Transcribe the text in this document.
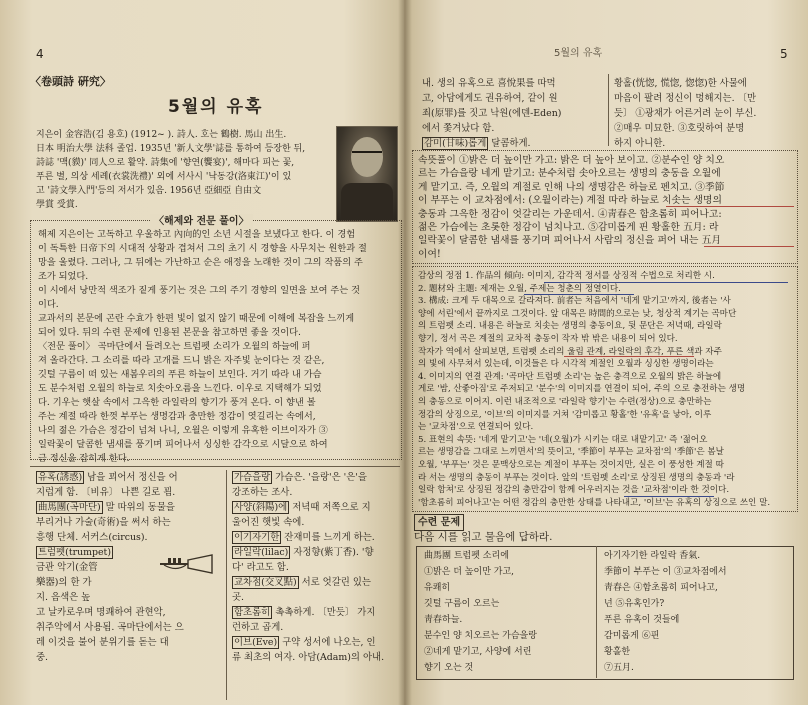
4
〈卷頭詩 硏究〉
5월의 유혹
지은이 金容浩(김 용호) (1912~ ). 詩人. 호는 鶴樹. 馬山 出生.
日本 明治大學 法科 졸업. 1935년 '新人文學'誌를 통하여 등장한 뒤,
詩誌 '맥(貘)' 同人으로 활약. 詩集에 '향연(饗宴)', 해마다 피는 꽃,
푸른 별, 의상 세례(衣裳洗禮)' 외에 서사시 '낙동강(洛東江)'이 있
고 '詩文學入門'등의 저서가 있음. 1956년 亞細亞 自由文
學賞 受賞.
〈해제와 전문 풀이〉
해제 지은이는 고독하고 우울하고 內向的인 소년 시절을 보냈다고 한다. 이 경험
이 독특한 日帝下의 시대적 상황과 겹쳐서 그의 초기 시 경향을 사무치는 원한과 절
망을 울렸다. 그러나, 그 뒤에는 가난하고 순은 애정을 노래한 것이 그의 작품의 주
조가 되었다.
이 시에서 낭만적 색조가 짙게 풍기는 것은 그의 주기 경향의 일면을 보여 주는 것
이다.
교과서의 본문에 곤란 수효가 한편 빛이 없지 않기 때문에 이해에 복잡을 느끼게
되어 있다. 뒤의 수련 문제에 인용된 본문을 참고하면 좋을 것이다.
〈전문 풀이〉 곡마단에서 들려오는 트럼펫 소리가 오월의 하늘에 퍼
져 올라간다. 그 소리를 따라 고개를 드니 밝은 자주빛 눈이다는 것 같은,
깃털 구름이 떠 있는 새봄우리의 푸른 하늘이 보인다. 거기 따라 내 가슴
도 분수처럼 오월의 하늘로 치솟아오름을 느낀다. 이우로 지택해가 되었
다. 기우는 햇살 속에서 그윽한 라일락의 향기가 풍겨 온다. 이 향낸 볼
주는 계절 따라 한껏 부푸는 생명감과 충만한 정감이 엿길리는 속에서,
나의 젊은 가슴은 정감이 넘쳐 나니, 오월은 이렇게 유혹한 이브이자가 ③
일락꽃이 달콤한 냄새를 풍기며 피어나서 싱싱한 감각으로 시달으로 하여
금 정신을 잡히게 한다.
유혹(誘惑) 남을 꾀어서 정신을 어
지럽게 함. 〔비유〕 나쁜 길로 꾐.
曲馬團(곡마단) 말 따위의 동물을
부리거나 가술(奇術)을 써서 하는
흥행 단체. 서커스(circus).
트럼펫(trumpet)
금관 악기(金管
樂器)의 한 가
지. 음색은 높
고 날카로우며 명쾌하여 관현악,
취주악에서 사용됨. 곡마단에서는 으
레 이것을 불어 분위기를 돋는 대
중.
가슴을랑 가슴은. '을랑'은 '은'을
강조하는 조사.
사양(斜陽)에 저녁때 저쪽으로 지
울어진 햇빛 속에.
이기자기한 잔재미를 느끼게 하는.
라일락(lilac) 자정향(紫丁香). '향
다' 라고도 함.
교차점(交叉點) 서로 엇갈린 있는
곳.
함초롬히 촉촉하게. 〔만듯〕 가지
런하고 곱게.
이브(Eve) 구약 성서에 나오는, 인
류 최초의 여자. 아담(Adam)의 아내.
5월의 유혹	5
내. 생의 유혹으로 喜悅果를 따먹
고, 아담에게도 권유하여, 같이 원
죄(原罪)를 짓고 낙원(에덴-Eden)
에서 쫓겨났다 함.
감미(甘味)롭게 달콤하게.
황홀(恍惚, 慌惚, 惚惚)한 사물에
마음이 팔려 정신이 멍해지는. 〔만
듯〕 ①광채가 어른거려 눈이 부신.
②매우 미묘한. ③호릿하여 분명
하지 아니한.
속뜻풀이 ①밝은 더 높이만 가고: 밝은 더 높아 보이고. ②분수인 양 치오
르는 가슴을랑 네게 맡기고: 분수처럼 솟아오르는 생명의 충동을 오월에
게 맡기고. 즉, 오월의 계절로 인해 나의 생명감은 하늘로 펜치고. ③季節
이 부푸는 이 교차점에서: (오월이라는) 계절 따라 하늘로 치솟는 생명의
충동과 그윽한 정감이 엇갈리는 가운데서. ④靑春은 함초롬히 피어나고:
젊은 가슴에는 초롯한 정감이 넘치나고. ⑤감미롭게 핀 황홀한 五月: 라
일락꽃이 달콤한 냄새를 풍기며 피어나서 사람의 정신을 퍼어 내는 五月
이여!
감상의 정점 1. 作品의 傾向: 이미지, 감각적 정서를 상징적 수법으로 처리한 시.
2. 題材와 主題: 제재는 오월, 주제는 청춘의 정열이다.
3. 構成: 크게 두 대목으로 갈라져다. 前者는 처음에서 '네게 맡기고'까지, 後者는 '사
양에 서린'에서 끝까지로 그것이다. 앞 대목은 時間的으로는 낮, 청상적 계기는 곡마단
의 트럼펫 소리. 내용은 하늘로 치솟는 생명의 충동이요, 뒷 문단은 저녁때, 라일락
향기, 정서 곡은 계절의 교차적 충동이 작자 밖 밖은 내용이 되어 있다.
작자가 역에서 살피보면, 트럼펫 소리의 울림 관계, 라일락의 후각, 푸른 색과 자주
의 빛에 사무쳐서 있는데, 이것들은 다 시각적 계절인 오월과 싱싱한 생명이라는
4. 이미지의 연결 관계: '곡마단 트럼펫 소리'는 높은 충격으로 오월의 밝은 하늘에
게로 '밤, 산좋아짐'로 주저되고 '분수'의 이미지를 연결이 되어, 주의 으로 충전하는 생명
의 충동으로 이어지. 이런 내조적으로 '라일락 향기'는 수련(정상)으로 충만하는
정감의 상징으로, '이브'의 이미지를 거쳐 '감미롭고 황홀'한 '유혹'을 낳아, 이루
는 '교차점'으로 연결되어 있다.
5. 표현의 속뜻: '네게 맡기고'는 '네(오월)가 시키는 대로 내맡기고' 즉 '젊어오
르는 생명감을 그대로 느끼면서'의 뜻이고, '季節이 부푸는 교차점'의 '季節'은 봄날
오월, '부푸는' 것은 문맥상으로는 계절이 부푸는 것이지만, 실은 이 풍성한 계절 따
라 서는 생명의 충동이 부푸는 것이다. 앞의 '트럼펫 소리'로 상징된 생명의 충동과 '라
일락 함쳐'로 상징된 정감의 충만감이 함께 어우러지는 것을 '교차점'이라 한 것이다.
'함초롬히 피어나고'는 어떤 정감의 충만한 상태를 나타내고, '이브'는 유혹의 상징으로 쓰인 말.
수련 문제
다음 시를 읽고 물음에 답하라.
曲馬團 트럼펫 소리에
①밝은 더 높이만 가고,
유쾌히
깃털 구름이 오르는
靑春하늘.
분수인 양 치오르는 가슴을랑
②네게 맡기고, 사양에 서린
향기 오는 것
아기자기한 라일락 香氣.
季節이 부푸는 이 ③교차점에서
靑春은 ④함초롬히 피어나고,
넌 ⑤유혹인가?
푸른 유혹이 것들에
감미롭게 ⑥핀
황홀한
⑦五月.
